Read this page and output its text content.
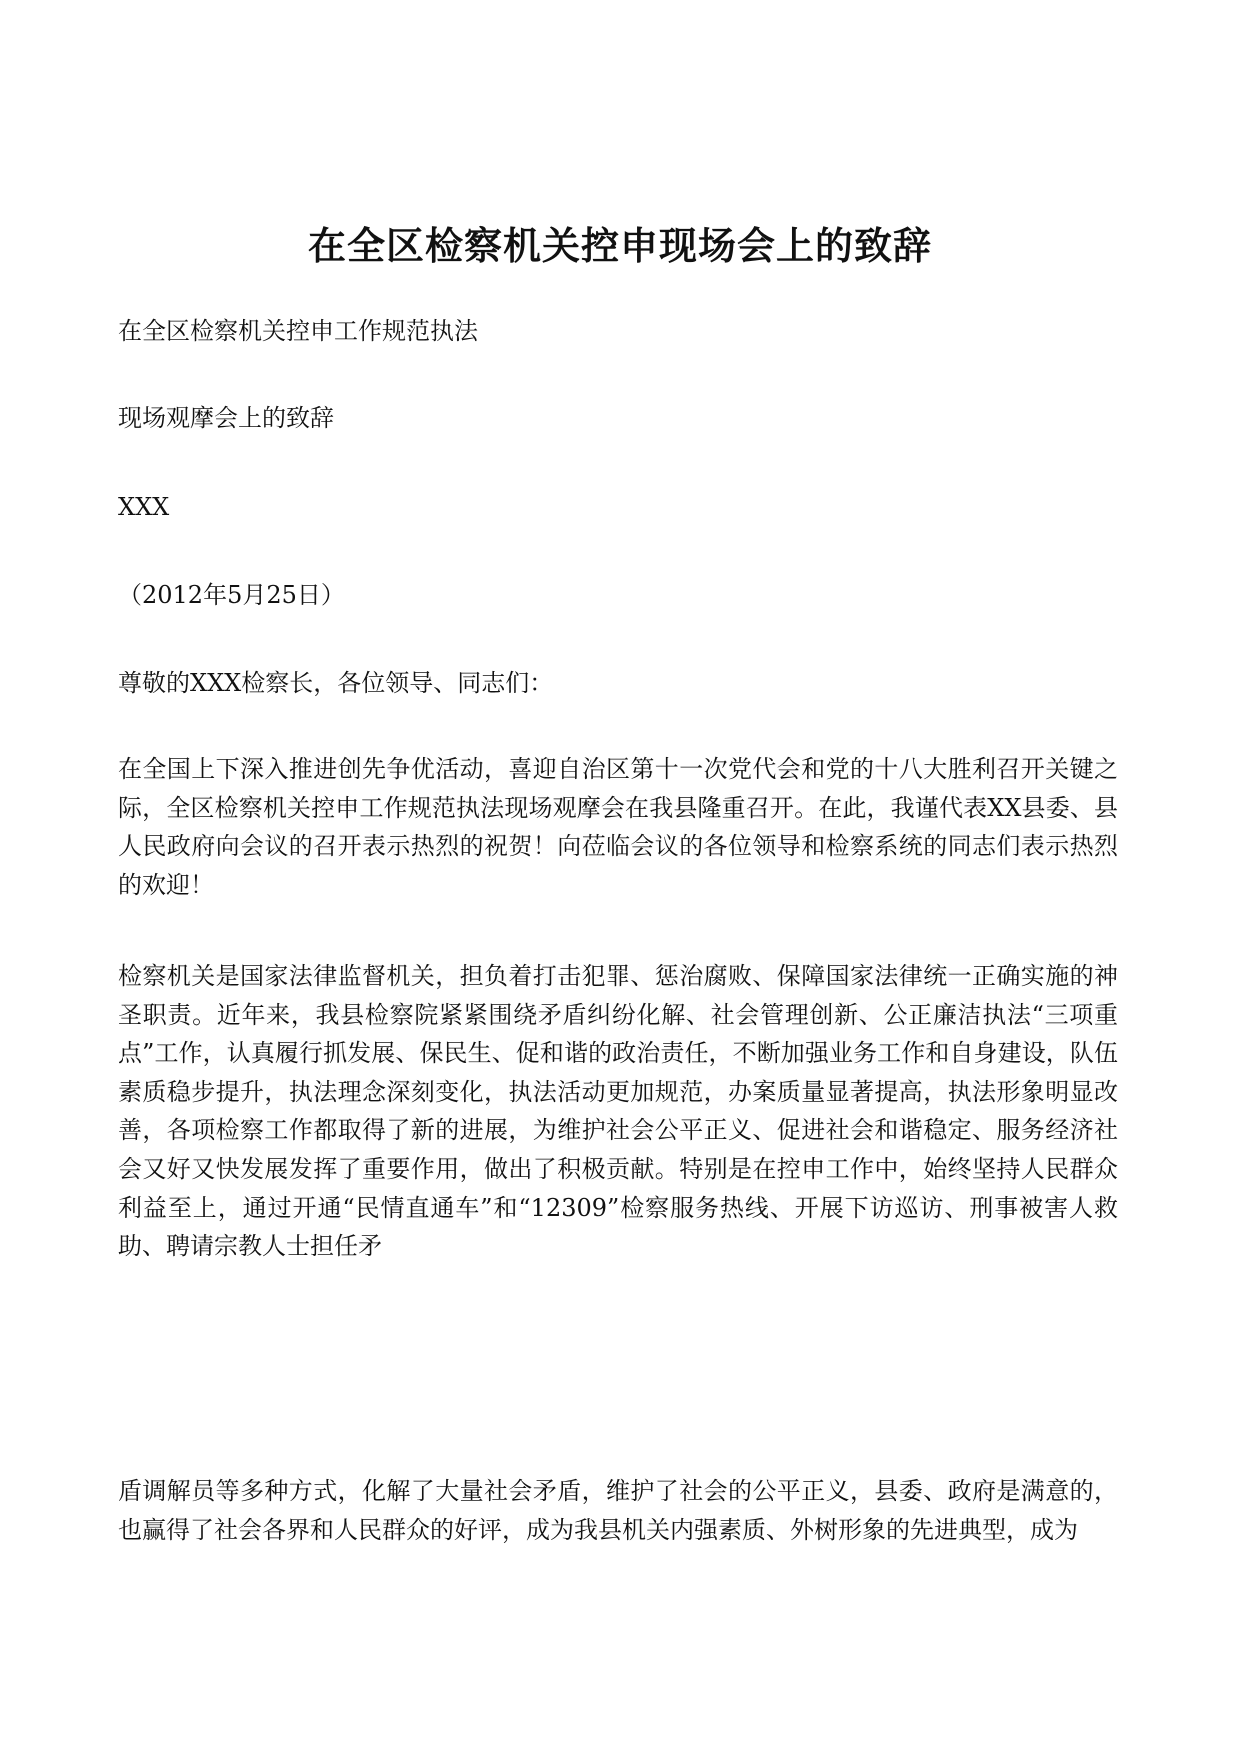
在全区检察机关控申现场会上的致辞

在全区检察机关控申工作规范执法

现场观摩会上的致辞

XXX

（2012年5月25日）

尊敬的XXX检察长，各位领导、同志们：

在全国上下深入推进创先争优活动，喜迎自治区第十一次党代会和党的十八大胜利召开关键之际，全区检察机关控申工作规范执法现场观摩会在我县隆重召开。在此，我谨代表XX县委、县人民政府向会议的召开表示热烈的祝贺！向莅临会议的各位领导和检察系统的同志们表示热烈的欢迎！

检察机关是国家法律监督机关，担负着打击犯罪、惩治腐败、保障国家法律统一正确实施的神圣职责。近年来，我县检察院紧紧围绕矛盾纠纷化解、社会管理创新、公正廉洁执法“三项重点”工作，认真履行抓发展、保民生、促和谐的政治责任，不断加强业务工作和自身建设，队伍素质稳步提升，执法理念深刻变化，执法活动更加规范，办案质量显著提高，执法形象明显改善，各项检察工作都取得了新的进展，为维护社会公平正义、促进社会和谐稳定、服务经济社会又好又快发展发挥了重要作用，做出了积极贡献。特别是在控申工作中，始终坚持人民群众利益至上，通过开通“民情直通车”和“12309”检察服务热线、开展下访巡访、刑事被害人救助、聘请宗教人士担任矛

盾调解员等多种方式，化解了大量社会矛盾，维护了社会的公平正义，县委、政府是满意的，也赢得了社会各界和人民群众的好评，成为我县机关内强素质、外树形象的先进典型，成为
